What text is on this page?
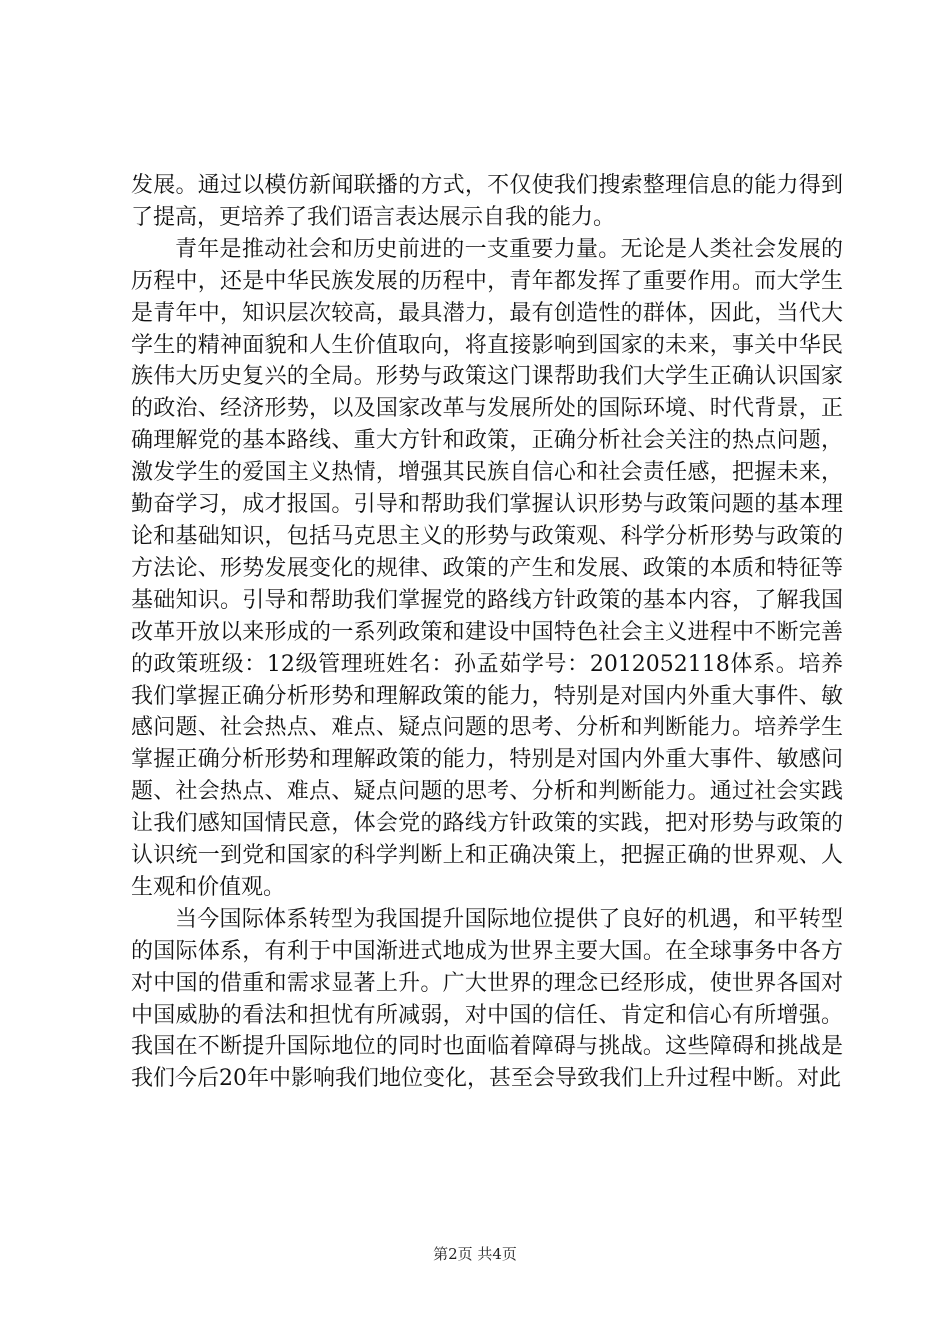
发展。通过以模仿新闻联播的方式，不仅使我们搜索整理信息的能力得到了提高，更培养了我们语言表达展示自我的能力。

青年是推动社会和历史前进的一支重要力量。无论是人类社会发展的历程中，还是中华民族发展的历程中，青年都发挥了重要作用。而大学生是青年中，知识层次较高，最具潜力，最有创造性的群体，因此，当代大学生的精神面貌和人生价值取向，将直接影响到国家的未来，事关中华民族伟大历史复兴的全局。形势与政策这门课帮助我们大学生正确认识国家的政治、经济形势，以及国家改革与发展所处的国际环境、时代背景，正确理解党的基本路线、重大方针和政策，正确分析社会关注的热点问题，激发学生的爱国主义热情，增强其民族自信心和社会责任感，把握未来，勤奋学习，成才报国。引导和帮助我们掌握认识形势与政策问题的基本理论和基础知识，包括马克思主义的形势与政策观、科学分析形势与政策的方法论、形势发展变化的规律、政策的产生和发展、政策的本质和特征等基础知识。引导和帮助我们掌握党的路线方针政策的基本内容，了解我国改革开放以来形成的一系列政策和建设中国特色社会主义进程中不断完善的政策班级：12级管理班姓名：孙孟茹学号：2012052118体系。培养我们掌握正确分析形势和理解政策的能力，特别是对国内外重大事件、敏感问题、社会热点、难点、疑点问题的思考、分析和判断能力。培养学生掌握正确分析形势和理解政策的能力，特别是对国内外重大事件、敏感问题、社会热点、难点、疑点问题的思考、分析和判断能力。通过社会实践让我们感知国情民意，体会党的路线方针政策的实践，把对形势与政策的认识统一到党和国家的科学判断上和正确决策上，把握正确的世界观、人生观和价值观。

当今国际体系转型为我国提升国际地位提供了良好的机遇，和平转型的国际体系，有利于中国渐进式地成为世界主要大国。在全球事务中各方对中国的借重和需求显著上升。广大世界的理念已经形成，使世界各国对中国威胁的看法和担忧有所减弱，对中国的信任、肯定和信心有所增强。我国在不断提升国际地位的同时也面临着障碍与挑战。这些障碍和挑战是我们今后20年中影响我们地位变化，甚至会导致我们上升过程中断。对此

第2页 共4页
